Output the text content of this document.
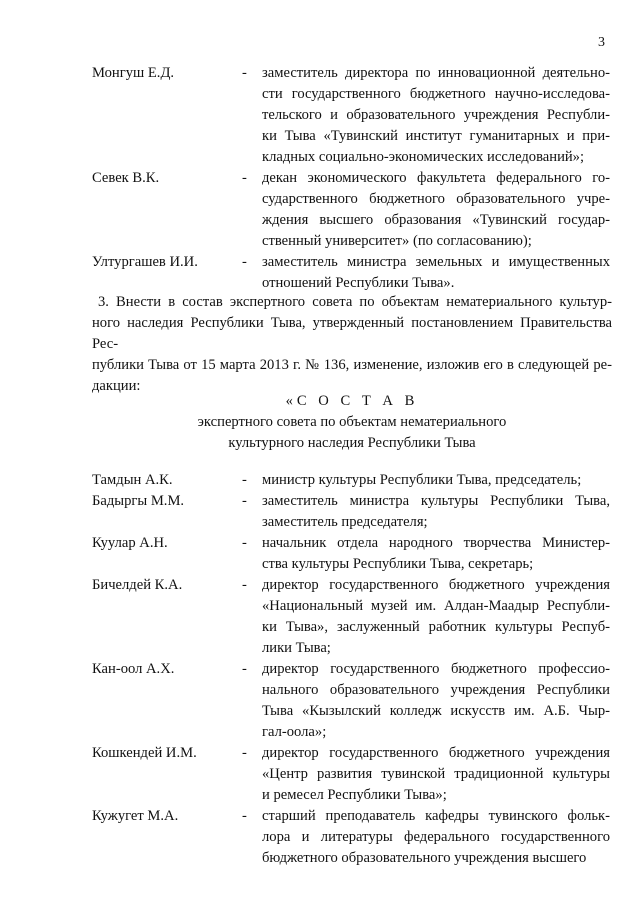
3
Монгуш Е.Д.	-	заместитель директора по инновационной деятельно-
сти государственного бюджетного научно-исследова-
тельского и образовательного учреждения Республи-
ки Тыва «Тувинский институт гуманитарных и при-
кладных социально-экономических исследований»;
Севек В.К.	-	декан экономического факультета федерального го-
сударственного бюджетного образовательного учре-
ждения высшего образования «Тувинский государ-
ственный университет» (по согласованию);
Ултургашев И.И.	-	заместитель министра земельных и имущественных
отношений Республики Тыва».
3. Внести в состав экспертного совета по объектам нематериального культур-
ного наследия Республики Тыва, утвержденный постановлением Правительства Рес-
публики Тыва от 15 марта 2013 г. № 136, изменение, изложив его в следующей ре-
дакции:
«С О С Т А В
экспертного совета по объектам нематериального
культурного наследия Республики Тыва
Тамдын А.К.	-	министр культуры Республики Тыва, председатель;
Бадыргы М.М.	-	заместитель министра культуры Республики Тыва,
заместитель председателя;
Куулар А.Н.	-	начальник отдела народного творчества Министер-
ства культуры Республики Тыва, секретарь;
Бичелдей К.А.	-	директор государственного бюджетного учреждения
«Национальный музей им. Алдан-Маадыр Республи-
ки Тыва», заслуженный работник культуры Респуб-
лики Тыва;
Кан-оол А.Х.	-	директор государственного бюджетного профессио-
нального образовательного учреждения Республики
Тыва «Кызылский колледж искусств им. А.Б. Чыр-
гал-оола»;
Кошкендей И.М.	-	директор государственного бюджетного учреждения
«Центр развития тувинской традиционной культуры
и ремесел Республики Тыва»;
Кужугет М.А.	-	старший преподаватель кафедры тувинского фольк-
лора и литературы федерального государственного
бюджетного образовательного учреждения высшего
